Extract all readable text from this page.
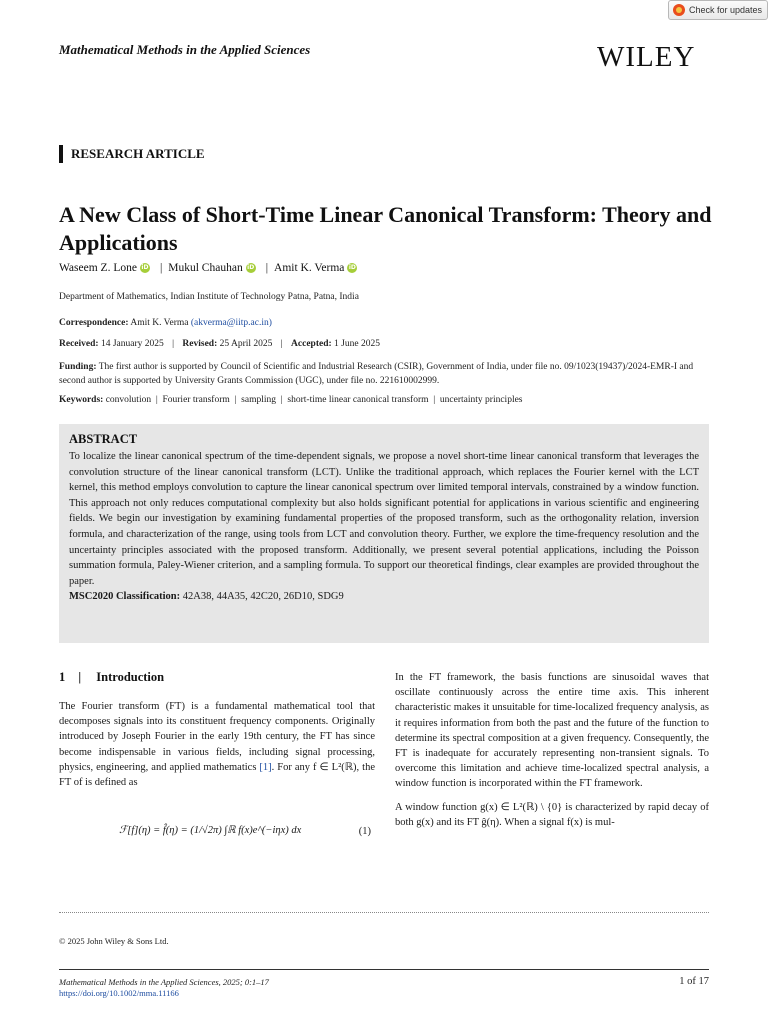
Check for updates
Mathematical Methods in the Applied Sciences	WILEY
RESEARCH ARTICLE
A New Class of Short-Time Linear Canonical Transform: Theory and Applications
Waseem Z. Lone iD | Mukul Chauhan iD | Amit K. Verma iD
Department of Mathematics, Indian Institute of Technology Patna, Patna, India
Correspondence: Amit K. Verma (akverma@iitp.ac.in)
Received: 14 January 2025 | Revised: 25 April 2025 | Accepted: 1 June 2025
Funding: The first author is supported by Council of Scientific and Industrial Research (CSIR), Government of India, under file no. 09/1023(19437)/2024-EMR-I and second author is supported by University Grants Commission (UGC), under file no. 221610002999.
Keywords: convolution  |  Fourier transform  |  sampling  |  short-time linear canonical transform  |  uncertainty principles
ABSTRACT

To localize the linear canonical spectrum of the time-dependent signals, we propose a novel short-time linear canonical transform that leverages the convolution structure of the linear canonical transform (LCT). Unlike the traditional approach, which replaces the Fourier kernel with the LCT kernel, this method employs convolution to capture the linear canonical spectrum over limited temporal intervals, constrained by a window function. This approach not only reduces computational complexity but also holds significant potential for applications in various scientific and engineering fields. We begin our investigation by examining fundamental properties of the proposed transform, such as the orthogonality relation, inversion formula, and characterization of the range, using tools from LCT and convolution theory. Further, we explore the time-frequency resolution and the uncertainty principles associated with the proposed transform. Additionally, we present several potential applications, including the Poisson summation formula, Paley-Wiener criterion, and a sampling formula. To support our theoretical findings, clear examples are provided throughout the paper.

MSC2020 Classification: 42A38, 44A35, 42C20, 26D10, SDG9
1 | Introduction

The Fourier transform (FT) is a fundamental mathematical tool that decomposes signals into its constituent frequency components. Originally introduced by Joseph Fourier in the early 19th century, the FT has since become indispensable in various fields, including signal processing, physics, engineering, and applied mathematics [1]. For any f ∈ L²(ℝ), the FT of is defined as

ℱ[f](η) = f̂(η) = (1/√2π) ∫ℝ f(x)e^(−iηx) dx	(1)

In the FT framework, the basis functions are sinusoidal waves that oscillate continuously across the entire time axis. This inherent characteristic makes it unsuitable for time-localized frequency analysis, as it requires information from both the past and the future of the function to determine its spectral composition at a given frequency. Consequently, the FT is inadequate for accurately representing non-transient signals. To overcome this limitation and achieve time-localized spectral analysis, a window function is incorporated within the FT framework.

A window function g(x) ∈ L²(ℝ) \ {0} is characterized by rapid decay of both g(x) and its FT ĝ(η). When a signal f(x) is mul-

© 2025 John Wiley & Sons Ltd.
Mathematical Methods in the Applied Sciences, 2025; 0:1–17
https://doi.org/10.1002/mma.11166
1 of 17
